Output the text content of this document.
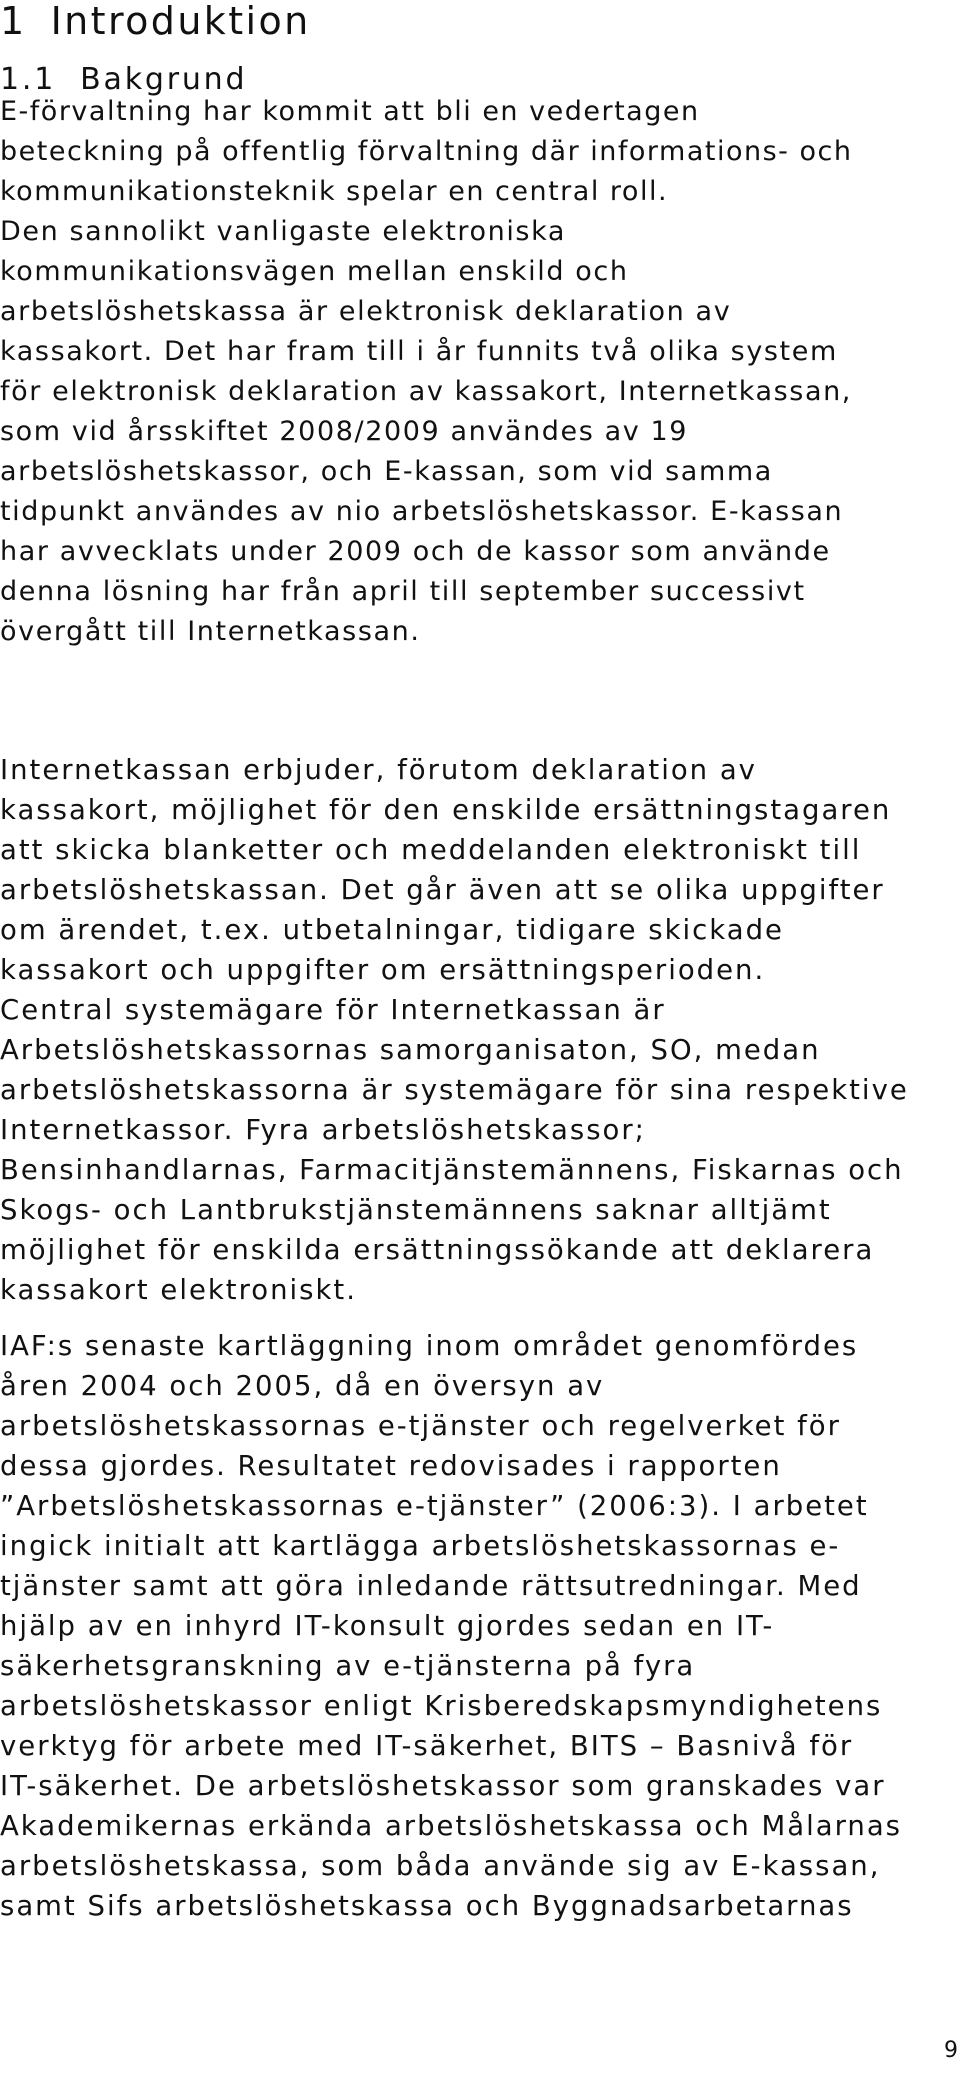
1 Introduktion
1.1 Bakgrund
E-förvaltning har kommit att bli en vedertagen
beteckning på offentlig förvaltning där informations- och
kommunikationsteknik spelar en central roll.
Den sannolikt vanligaste elektroniska
kommunikationsvägen mellan enskild och
arbetslöshetskassa är elektronisk deklaration av
kassakort. Det har fram till i år funnits två olika system
för elektronisk deklaration av kassakort, Internetkassan,
som vid årsskiftet 2008/2009 användes av 19
arbetslöshetskassor, och E-kassan, som vid samma
tidpunkt användes av nio arbetslöshetskassor. E-kassan
har avvecklats under 2009 och de kassor som använde
denna lösning har från april till september successivt
övergått till Internetkassan.
Internetkassan erbjuder, förutom deklaration av
kassakort, möjlighet för den enskilde ersättningstagaren
att skicka blanketter och meddelanden elektroniskt till
arbetslöshetskassan. Det går även att se olika uppgifter
om ärendet, t.ex. utbetalningar, tidigare skickade
kassakort och uppgifter om ersättningsperioden.
Central systemägare för Internetkassan är
Arbetslöshetskassornas samorganisaton, SO, medan
arbetslöshetskassorna är systemägare för sina respektive
Internetkassor. Fyra arbetslöshetskassor;
Bensinhandlarnas, Farmacitjänstemännens, Fiskarnas och
Skogs- och Lantbrukstjänstemännens saknar alltjämt
möjlighet för enskilda ersättningssökande att deklarera
kassakort elektroniskt.
IAF:s senaste kartläggning inom området genomfördes
åren 2004 och 2005, då en översyn av
arbetslöshetskassornas e-tjänster och regelverket för
dessa gjordes. Resultatet redovisades i rapporten
”Arbetslöshetskassornas e-tjänster” (2006:3). I arbetet
ingick initialt att kartlägga arbetslöshetskassornas e-
tjänster samt att göra inledande rättsutredningar. Med
hjälp av en inhyrd IT-konsult gjordes sedan en IT-
säkerhetsgranskning av e-tjänsterna på fyra
arbetslöshetskassor enligt Krisberedskapsmyndighetens
verktyg för arbete med IT-säkerhet, BITS – Basnivå för
IT-säkerhet. De arbetslöshetskassor som granskades var
Akademikernas erkända arbetslöshetskassa och Målarnas
arbetslöshetskassa, som båda använde sig av E-kassan,
samt Sifs arbetslöshetskassa och Byggnadsarbetarnas
9
